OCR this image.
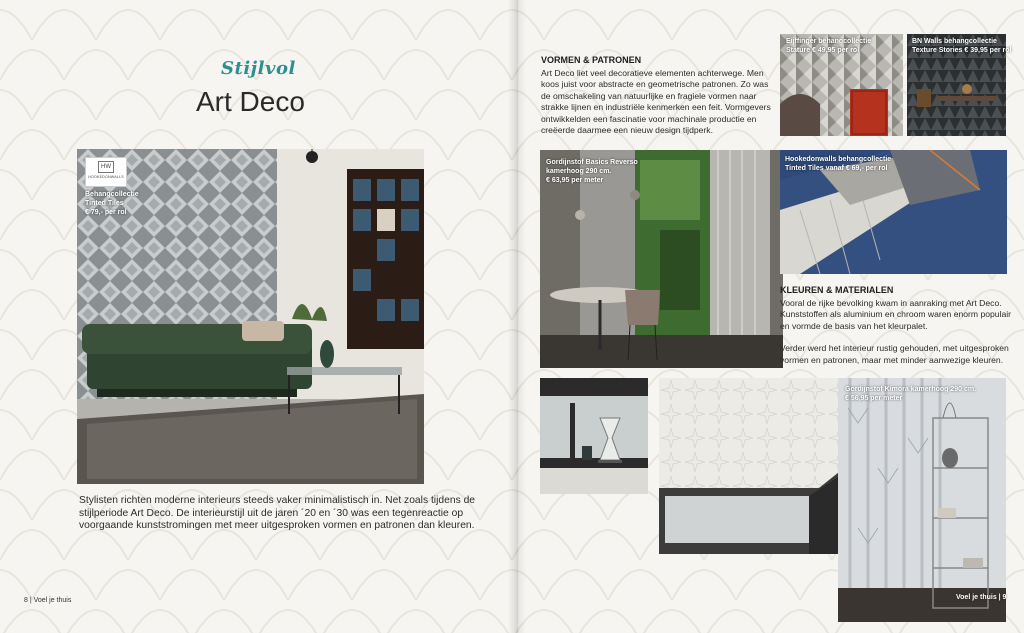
Stijlvol
Art Deco
HW
HOOKEDONWALLS
Behangcollectie
Tinted Tiles
€ 79,- per rol
Stylisten richten moderne interieurs steeds vaker minimalistisch in. Net zoals tijdens de stijlperiode Art Deco. De interieurstijl uit de jaren ´20 en ´30 was een tegenreactie op voorgaande kunststromingen met meer uitgesproken vormen en patronen dan kleuren.
8 | Voel je thuis
VORMEN & PATRONEN
Art Deco liet veel decoratieve elementen achterwege. Men koos juist voor abstracte en geometrische patronen. Zo was de omschakeling van natuurlijke en fragiele vormen naar strakke lijnen en industriële kenmerken een feit. Vormgevers ontwikkelden een fascinatie voor machinale productie en creëerde daarmee een nieuw design tijdperk.
Eijffinger behangcollectie
Stature € 49,95 per rol
BN Walls behangcollectie
Texture Stories € 39,95 per rol
Gordijnstof Basics Reverso
kamerhoog 290 cm.
€ 63,95 per meter
Hookedonwalls behangcollectie
Tinted Tiles vanaf € 69,- per rol
KLEUREN & MATERIALEN
Vooral de rijke bevolking kwam in aanraking met Art Deco. Kunststoffen als aluminium en chroom waren enorm populair en vormde de basis van het kleurpalet.
Verder werd het interieur rustig gehouden, met uitgesproken vormen en patronen, maar met minder aanwezige kleuren.
Gordijnstof Kimora kamerhoog 290 cm.
€ 56,95 per meter
Voel je thuis | 9
